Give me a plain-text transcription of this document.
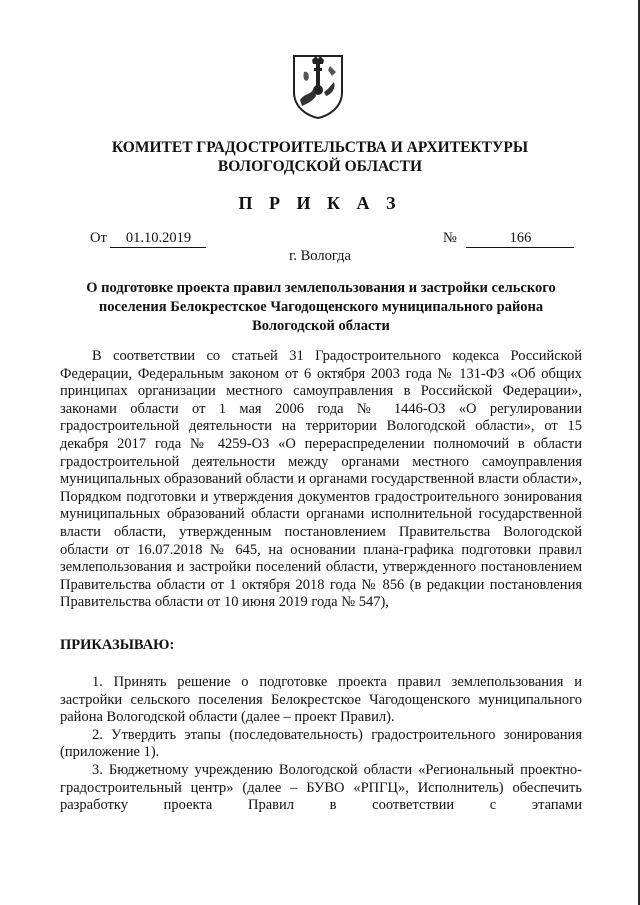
КОМИТЕТ ГРАДОСТРОИТЕЛЬСТВА И АРХИТЕКТУРЫ
ВОЛОГОДСКОЙ ОБЛАСТИ
П Р И К А З
От 01.10.2019	№	166
г. Вологда
О подготовке проекта правил землепользования и застройки сельского поселения Белокрестское Чагодощенского муниципального района Вологодской области

В соответствии со статьей 31 Градостроительного кодекса Российской Федерации, Федеральным законом от 6 октября 2003 года № 131-ФЗ «Об общих принципах организации местного самоуправления в Российской Федерации», законами области от 1 мая 2006 года № 1446-ОЗ «О регулировании градостроительной деятельности на территории Вологодской области», от 15 декабря 2017 года № 4259-ОЗ «О перераспределении полномочий в области градостроительной деятельности между органами местного самоуправления муниципальных образований области и органами государственной власти области», Порядком подготовки и утверждения документов градостроительного зонирования муниципальных образований области органами исполнительной государственной власти области, утвержденным постановлением Правительства Вологодской области от 16.07.2018 № 645, на основании плана-графика подготовки правил землепользования и застройки поселений области, утвержденного постановлением Правительства области от 1 октября 2018 года № 856 (в редакции постановления Правительства области от 10 июня 2019 года № 547),

ПРИКАЗЫВАЮ:

1. Принять решение о подготовке проекта правил землепользования и застройки сельского поселения Белокрестское Чагодощенского муниципального района Вологодской области (далее – проект Правил).

2. Утвердить этапы (последовательность) градостроительного зонирования (приложение 1).

3. Бюджетному учреждению Вологодской области «Региональный проектно-градостроительный центр» (далее – БУВО «РПГЦ», Исполнитель) обеспечить разработку проекта Правил в соответствии с этапами
